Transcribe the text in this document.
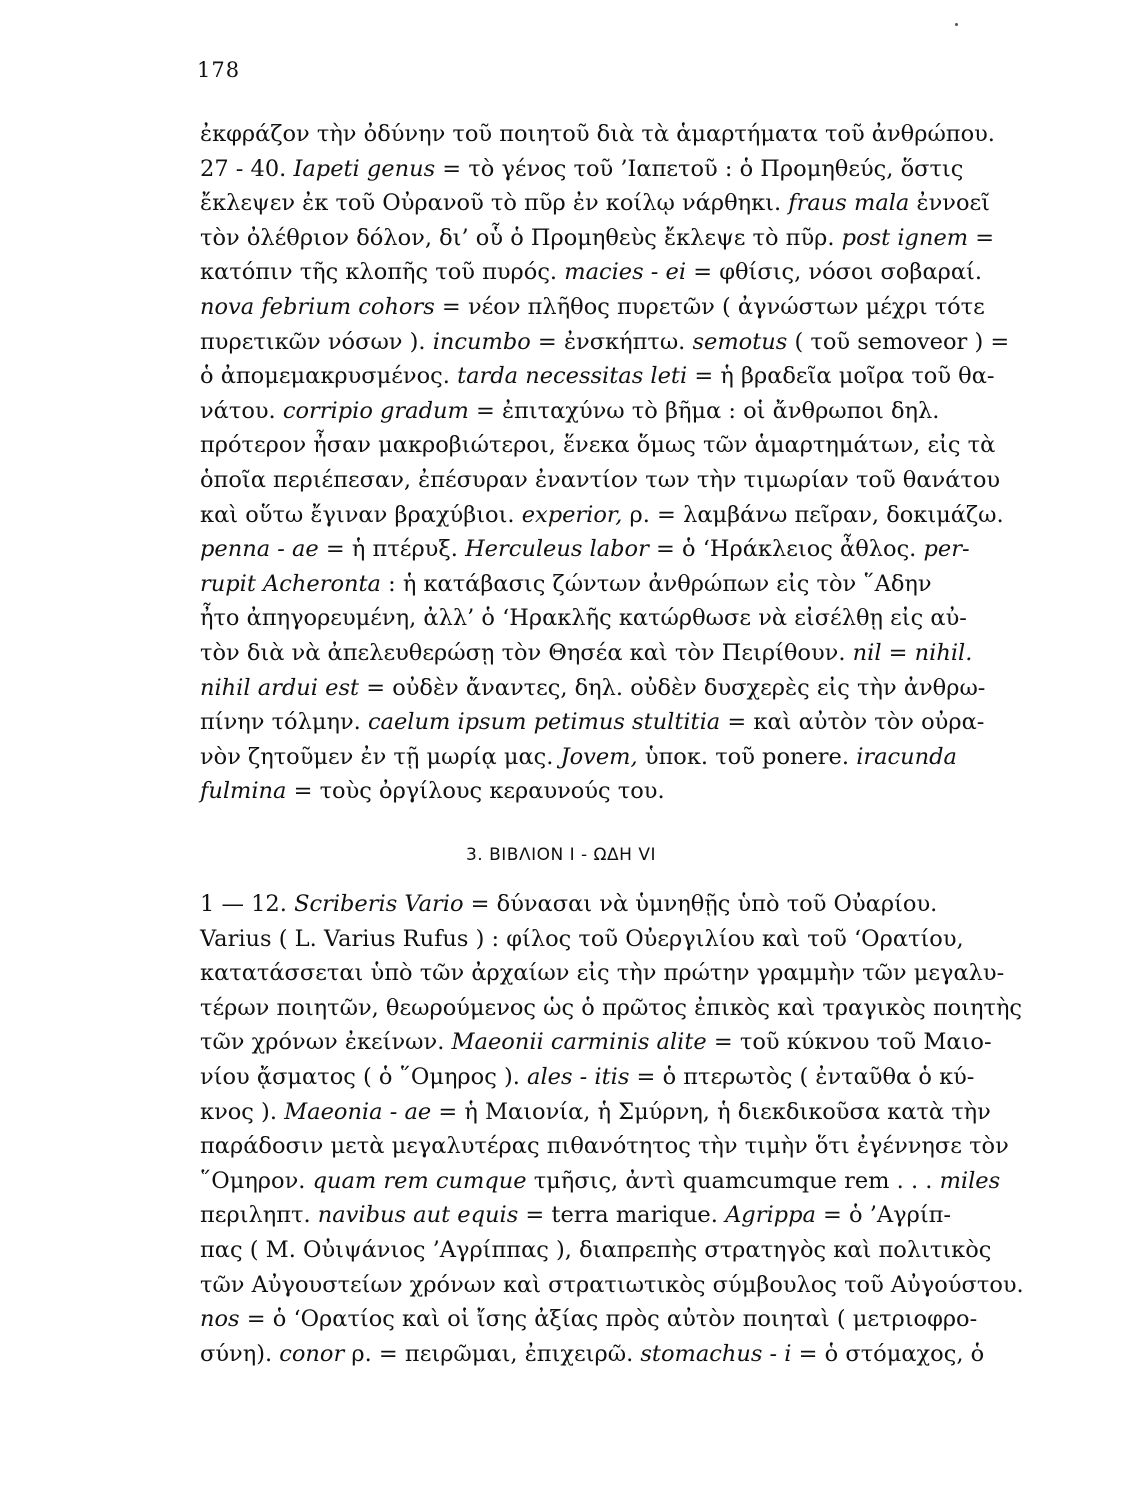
178
ἐκφράζον τὴν ὀδύνην τοῦ ποιητοῦ διὰ τὰ ἁμαρτήματα τοῦ ἀνθρώπου.
27 - 40. Iapeti genus = τὸ γένος τοῦ ’Ιαπετοῦ : ὁ Προμηθεύς, ὅστις
ἔκλεψεν ἐκ τοῦ Οὐρανοῦ τὸ πῦρ ἐν κοίλῳ νάρθηκι. fraus mala ἐννοεῖ
τὸν ὀλέθριον δόλον, δι’ οὗ ὁ Προμηθεὺς ἔκλεψε τὸ πῦρ. post ignem =
κατόπιν τῆς κλοπῆς τοῦ πυρός. macies - ei = φθίσις, νόσοι σοβαραί.
nova febrium cohors = νέον πλῆθος πυρετῶν ( ἀγνώστων μέχρι τότε
πυρετικῶν νόσων ). incumbo = ἐνσκήπτω. semotus ( τοῦ semoveor ) =
ὁ ἀπομεμακρυσμένος. tarda necessitas leti = ἡ βραδεῖα μοῖρα τοῦ θα-
νάτου. corripio gradum = ἐπιταχύνω τὸ βῆμα : οἱ ἄνθρωποι δηλ.
πρότερον ἦσαν μακροβιώτεροι, ἕνεκα ὅμως τῶν ἁμαρτημάτων, εἰς τὰ
ὁποῖα περιέπεσαν, ἐπέσυραν ἐναντίον των τὴν τιμωρίαν τοῦ θανάτου
καὶ οὕτω ἔγιναν βραχύβιοι. experior, ρ. = λαμβάνω πεῖραν, δοκιμάζω.
penna - ae = ἡ πτέρυξ. Herculeus labor = ὁ ‘Ηράκλειος ἆθλος. per-
rupit Acheronta : ἡ κατάβασις ζώντων ἀνθρώπων εἰς τὸν ῞Αδην
ἦτο ἀπηγορευμένη, ἀλλ’ ὁ ‘Ηρακλῆς κατώρθωσε νὰ εἰσέλθῃ εἰς αὐ-
τὸν διὰ νὰ ἀπελευθερώσῃ τὸν Θησέα καὶ τὸν Πειρίθουν. nil = nihil.
nihil ardui est = οὐδὲν ἄναντες, δηλ. οὐδὲν δυσχερὲς εἰς τὴν ἀνθρω-
πίνην τόλμην. caelum ipsum petimus stultitia = καὶ αὐτὸν τὸν οὐρα-
νὸν ζητοῦμεν ἐν τῇ μωρίᾳ μας. Jovem, ὑποκ. τοῦ ponere. iracunda
fulmina = τοὺς ὀργίλους κεραυνούς του.
3. ΒΙΒΛΙΟΝ Ι - ΩΔΗ VI
1 — 12. Scriberis Vario = δύνασαι νὰ ὑμνηθῇς ὑπὸ τοῦ Οὐαρίου.
Varius ( L. Varius Rufus ) : φίλος τοῦ Οὐεργιλίου καὶ τοῦ ‘Ορατίου,
κατατάσσεται ὑπὸ τῶν ἀρχαίων εἰς τὴν πρώτην γραμμὴν τῶν μεγαλυ-
τέρων ποιητῶν, θεωρούμενος ὡς ὁ πρῶτος ἐπικὸς καὶ τραγικὸς ποιητὴς
τῶν χρόνων ἐκείνων. Maeonii carminis alite = τοῦ κύκνου τοῦ Μαιο-
νίου ᾄσματος ( ὁ ῞Ομηρος ). ales - itis = ὁ πτερωτὸς ( ἐνταῦθα ὁ κύ-
κνος ). Maeonia - ae = ἡ Μαιονία, ἡ Σμύρνη, ἡ διεκδικοῦσα κατὰ τὴν
παράδοσιν μετὰ μεγαλυτέρας πιθανότητος τὴν τιμὴν ὅτι ἐγέννησε τὸν
῞Ομηρον. quam rem cumque τμῆσις, ἀντὶ quamcumque rem . . . miles
περιληπτ. navibus aut equis = terra marique. Agrippa = ὁ ’Αγρίπ-
πας ( Μ. Οὐιψάνιος ’Αγρίππας ), διαπρεπὴς στρατηγὸς καὶ πολιτικὸς
τῶν Αὐγουστείων χρόνων καὶ στρατιωτικὸς σύμβουλος τοῦ Αὐγούστου.
nos = ὁ ‘Ορατίος καὶ οἱ ἴσης ἀξίας πρὸς αὐτὸν ποιηταὶ ( μετριοφρο-
σύνη). conor ρ. = πειρῶμαι, ἐπιχειρῶ. stomachus - i = ὁ στόμαχος, ὁ
